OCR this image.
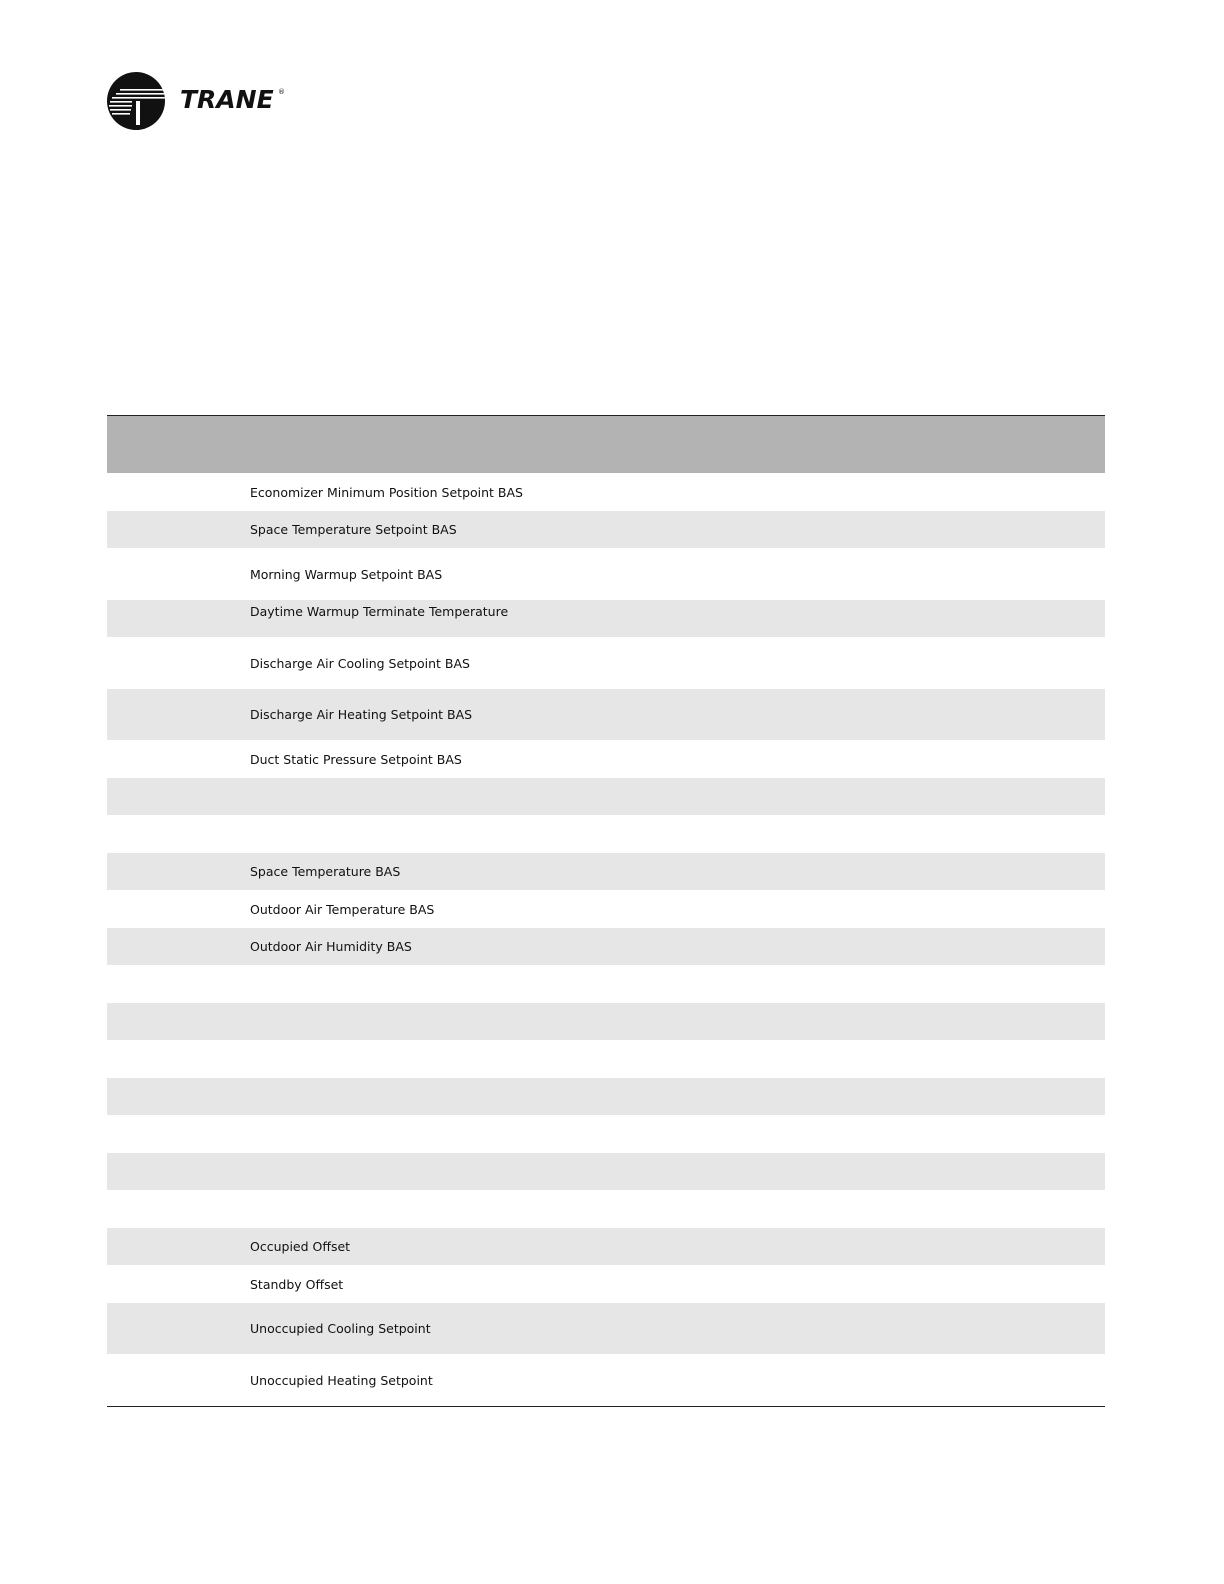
TRANE ®
Economizer Minimum Position Setpoint BAS
Space Temperature Setpoint BAS
Morning Warmup Setpoint BAS
Daytime Warmup Terminate Temperature
Discharge Air Cooling Setpoint BAS
Discharge Air Heating Setpoint BAS
Duct Static Pressure Setpoint BAS
Space Temperature BAS
Outdoor Air Temperature BAS
Outdoor Air Humidity BAS
Occupied Offset
Standby Offset
Unoccupied Cooling Setpoint
Unoccupied Heating Setpoint
